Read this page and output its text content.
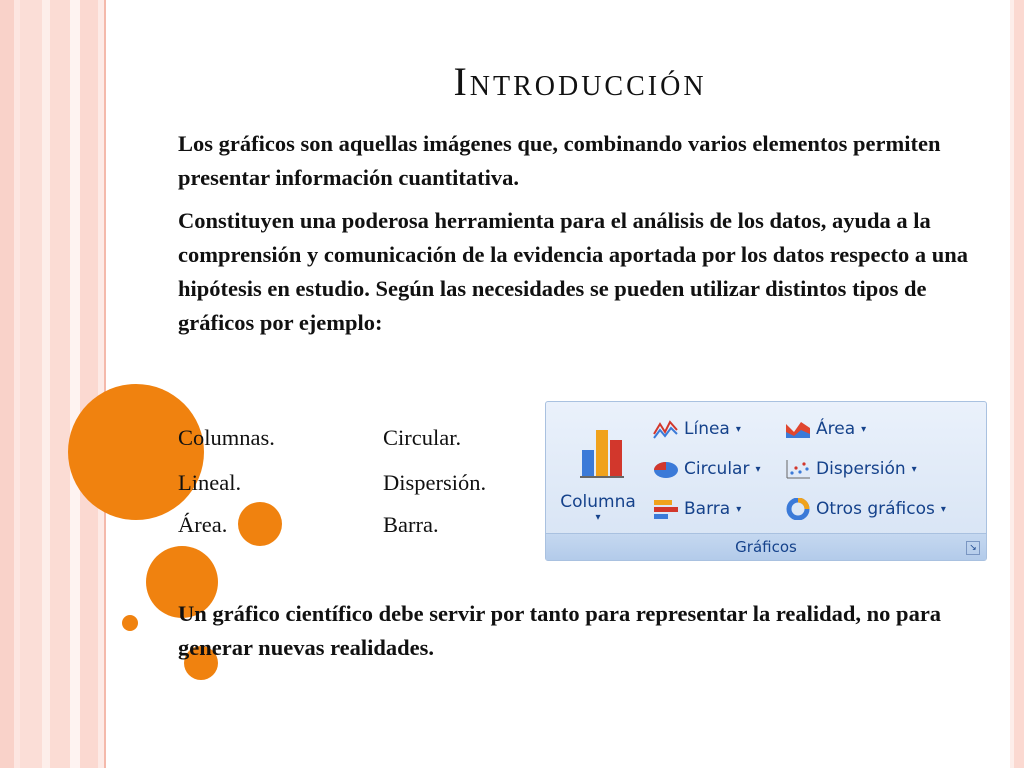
Introducción
Los gráficos son aquellas imágenes que, combinando varios elementos permiten presentar información cuantitativa.
Constituyen una poderosa herramienta para el análisis de los datos, ayuda a la comprensión y comunicación de la evidencia aportada por los datos respecto a una hipótesis en estudio. Según las necesidades se pueden utilizar distintos tipos de gráficos por ejemplo:
Columnas.	Circular.
Lineal.	Dispersión.
Área.	Barra.
Un gráfico científico debe servir por tanto para representar la realidad, no para generar nuevas realidades.
Columna
▾
Línea ▾	Área ▾
Circular ▾	Dispersión ▾
Barra ▾	Otros gráficos ▾
Gráficos	↘
